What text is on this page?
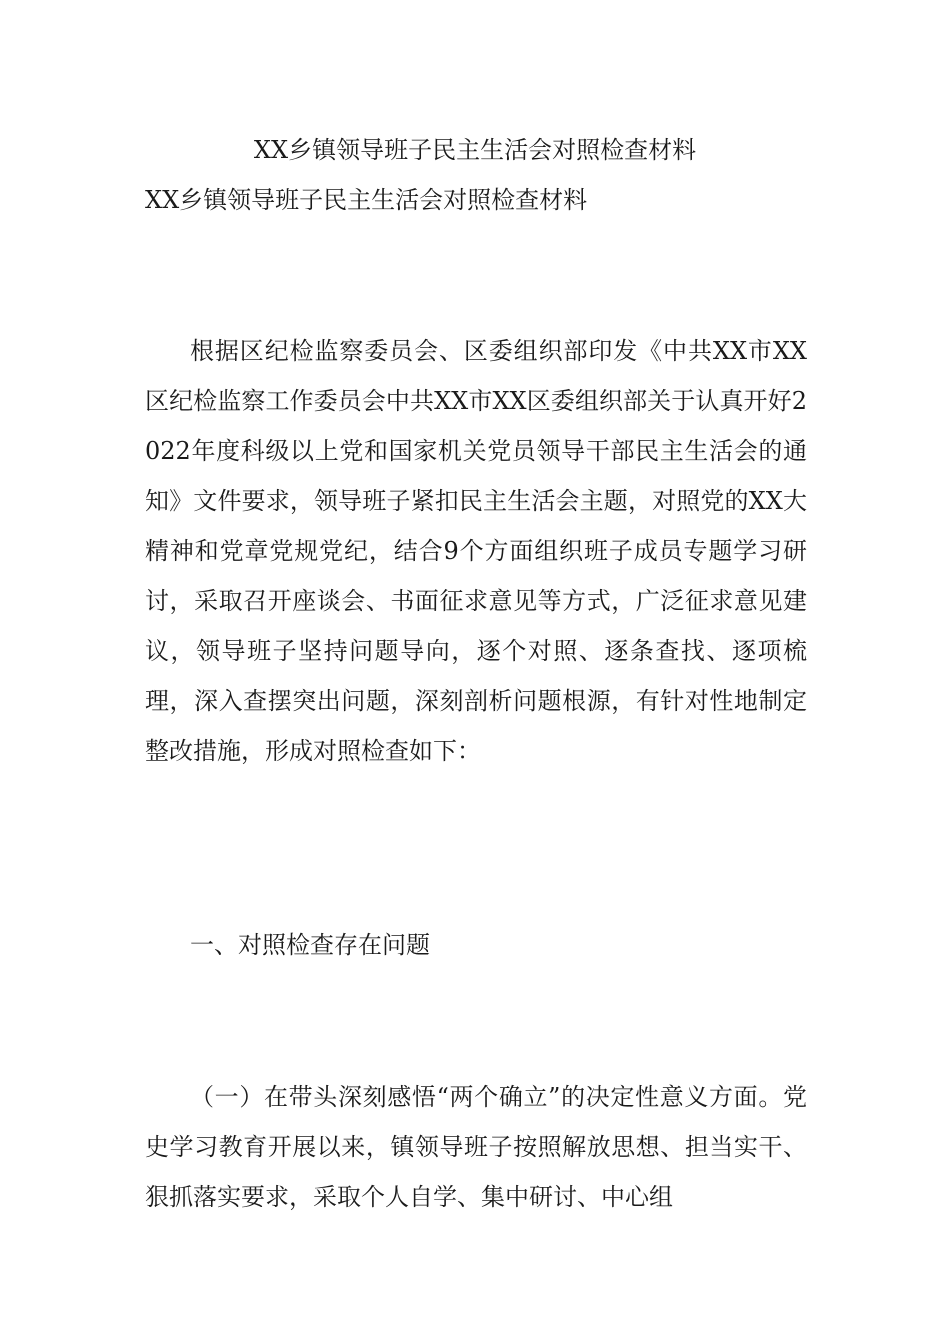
XX乡镇领导班子民主生活会对照检查材料
XX乡镇领导班子民主生活会对照检查材料
根据区纪检监察委员会、区委组织部印发《中共XX市XX区纪检监察工作委员会中共XX市XX区委组织部关于认真开好2022年度科级以上党和国家机关党员领导干部民主生活会的通知》文件要求，领导班子紧扣民主生活会主题，对照党的XX大精神和党章党规党纪，结合9个方面组织班子成员专题学习研讨，采取召开座谈会、书面征求意见等方式，广泛征求意见建议，领导班子坚持问题导向，逐个对照、逐条查找、逐项梳理，深入查摆突出问题，深刻剖析问题根源，有针对性地制定整改措施，形成对照检查如下：
一、对照检查存在问题
（一）在带头深刻感悟“两个确立”的决定性意义方面。党史学习教育开展以来，镇领导班子按照解放思想、担当实干、狠抓落实要求，采取个人自学、集中研讨、中心组
